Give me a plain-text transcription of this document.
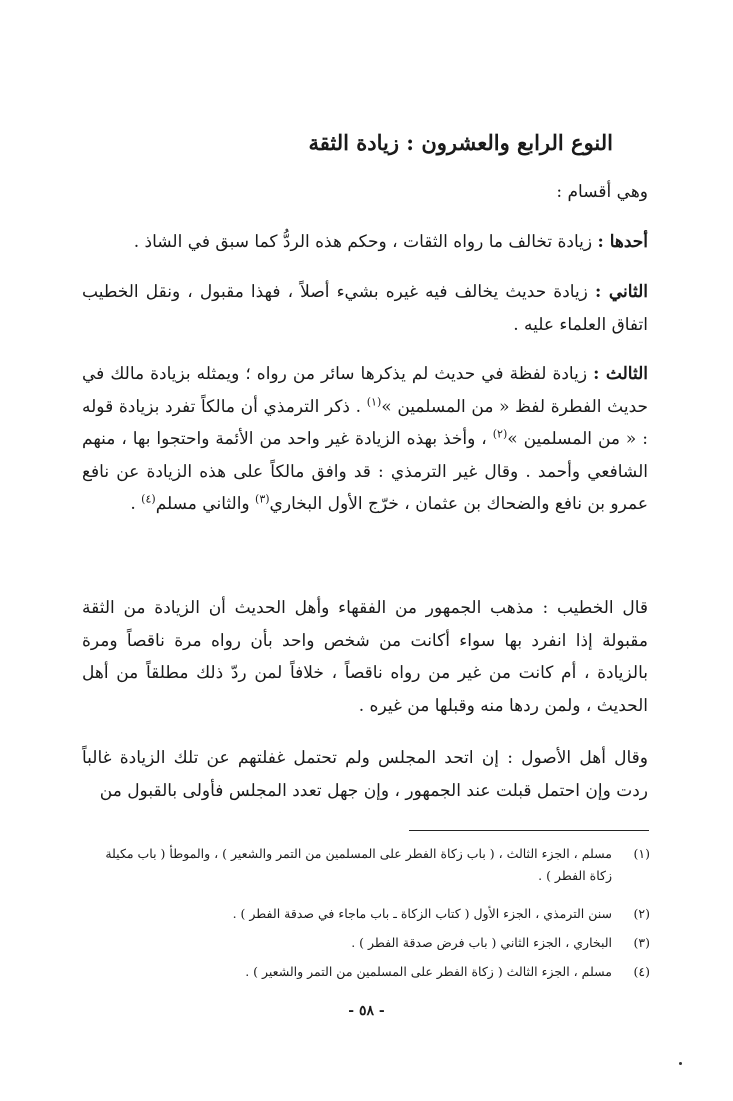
النوع الرابع والعشرون : زيادة الثقة
وهي أقسام :
أحدها : زيادة تخالف ما رواه الثقات ، وحكم هذه الردُّ كما سبق في الشاذ .
الثاني : زيادة حديث يخالف فيه غيره بشيء أصلاً ، فهذا مقبول ، ونقل الخطيب اتفاق العلماء عليه .
الثالث : زيادة لفظة في حديث لم يذكرها سائر من رواه ؛ ويمثله بزيادة مالك في حديث الفطرة لفظ « من المسلمين »$^{(١)}$ . ذكر الترمذي أن مالكاً تفرد بزيادة قوله : « من المسلمين »$^{(٢)}$ ، وأخذ بهذه الزيادة غير واحد من الأئمة واحتجوا بها ، منهم الشافعي وأحمد . وقال غير الترمذي : قد وافق مالكاً على هذه الزيادة عن نافع عمرو بن نافع والضحاك بن عثمان ، خرّج الأول البخاري$^{(٣)}$ والثاني مسلم$^{(٤)}$ .
قال الخطيب : مذهب الجمهور من الفقهاء وأهل الحديث أن الزيادة من الثقة مقبولة إذا انفرد بها سواء أكانت من شخص واحد بأن رواه مرة ناقصاً ومرة بالزيادة ، أم كانت من غير من رواه ناقصاً ، خلافاً لمن ردّ ذلك مطلقاً من أهل الحديث ، ولمن ردها منه وقبلها من غيره .
وقال أهل الأصول : إن اتحد المجلس ولم تحتمل غفلتهم عن تلك الزيادة غالباً ردت وإن احتمل قبلت عند الجمهور ، وإن جهل تعدد المجلس فأولى بالقبول من
(١)مسلم ، الجزء الثالث ، ( باب زكاة الفطر على المسلمين من التمر والشعير ) ، والموطأ ( باب مكيلة
زكاة الفطر ) .
(٢)سنن الترمذي ، الجزء الأول ( كتاب الزكاة ـ باب ماجاء في صدقة الفطر ) .
(٣)البخاري ، الجزء الثاني ( باب فرض صدقة الفطر ) .
(٤)مسلم ، الجزء الثالث ( زكاة الفطر على المسلمين من التمر والشعير ) .
- ٥٨ -
